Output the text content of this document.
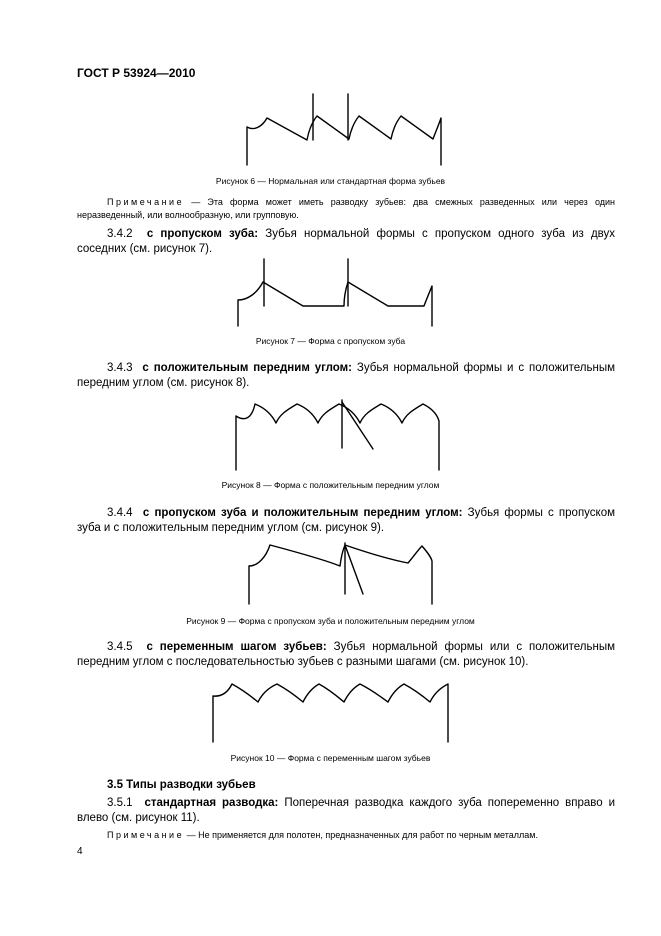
ГОСТ Р 53924—2010
Рисунок 6 — Нормальная или стандартная форма зубьев
Примечание — Эта форма может иметь разводку зубьев: два смежных разведенных или через один неразведенный, или волнообразную, или групповую.
3.4.2 с пропуском зуба: Зубья нормальной формы с пропуском одного зуба из двух соседних (см. рисунок 7).
Рисунок 7 — Форма с пропуском зуба
3.4.3 с положительным передним углом: Зубья нормальной формы и с положительным передним углом (см. рисунок 8).
Рисунок 8 — Форма с положительным передним углом
3.4.4 с пропуском зуба и положительным передним углом: Зубья формы с пропуском зуба и с положительным передним углом (см. рисунок 9).
Рисунок 9 — Форма с пропуском зуба и положительным передним углом
3.4.5 с переменным шагом зубьев: Зубья нормальной формы или с положительным передним углом с последовательностью зубьев с разными шагами (см. рисунок 10).
Рисунок 10 — Форма с переменным шагом зубьев
3.5 Типы разводки зубьев
3.5.1 стандартная разводка: Поперечная разводка каждого зуба попеременно вправо и влево (см. рисунок 11).
Примечание — Не применяется для полотен, предназначенных для работ по черным металлам.
4
